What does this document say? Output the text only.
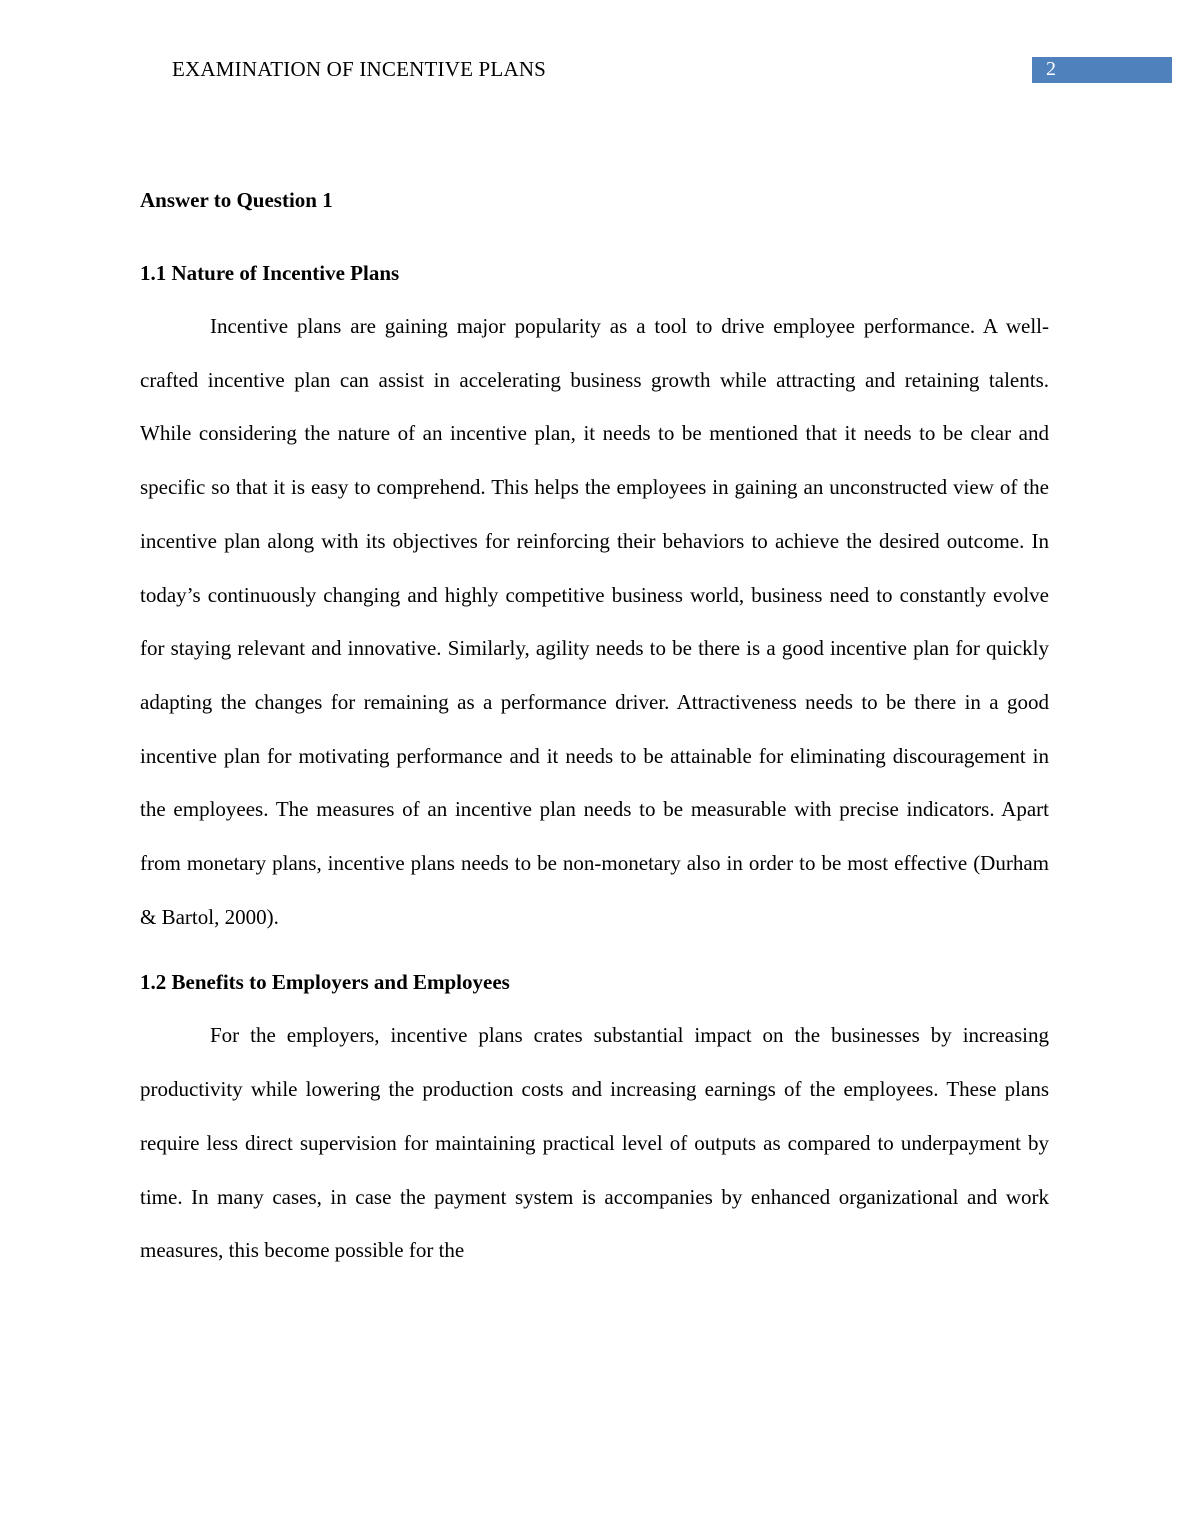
EXAMINATION OF INCENTIVE PLANS	2
Answer to Question 1
1.1 Nature of Incentive Plans

Incentive plans are gaining major popularity as a tool to drive employee performance. A well-crafted incentive plan can assist in accelerating business growth while attracting and retaining talents. While considering the nature of an incentive plan, it needs to be mentioned that it needs to be clear and specific so that it is easy to comprehend. This helps the employees in gaining an unconstructed view of the incentive plan along with its objectives for reinforcing their behaviors to achieve the desired outcome. In today’s continuously changing and highly competitive business world, business need to constantly evolve for staying relevant and innovative. Similarly, agility needs to be there is a good incentive plan for quickly adapting the changes for remaining as a performance driver. Attractiveness needs to be there in a good incentive plan for motivating performance and it needs to be attainable for eliminating discouragement in the employees. The measures of an incentive plan needs to be measurable with precise indicators. Apart from monetary plans, incentive plans needs to be non-monetary also in order to be most effective (Durham & Bartol, 2000).

1.2 Benefits to Employers and Employees

For the employers, incentive plans crates substantial impact on the businesses by increasing productivity while lowering the production costs and increasing earnings of the employees. These plans require less direct supervision for maintaining practical level of outputs as compared to underpayment by time. In many cases, in case the payment system is accompanies by enhanced organizational and work measures, this become possible for the
